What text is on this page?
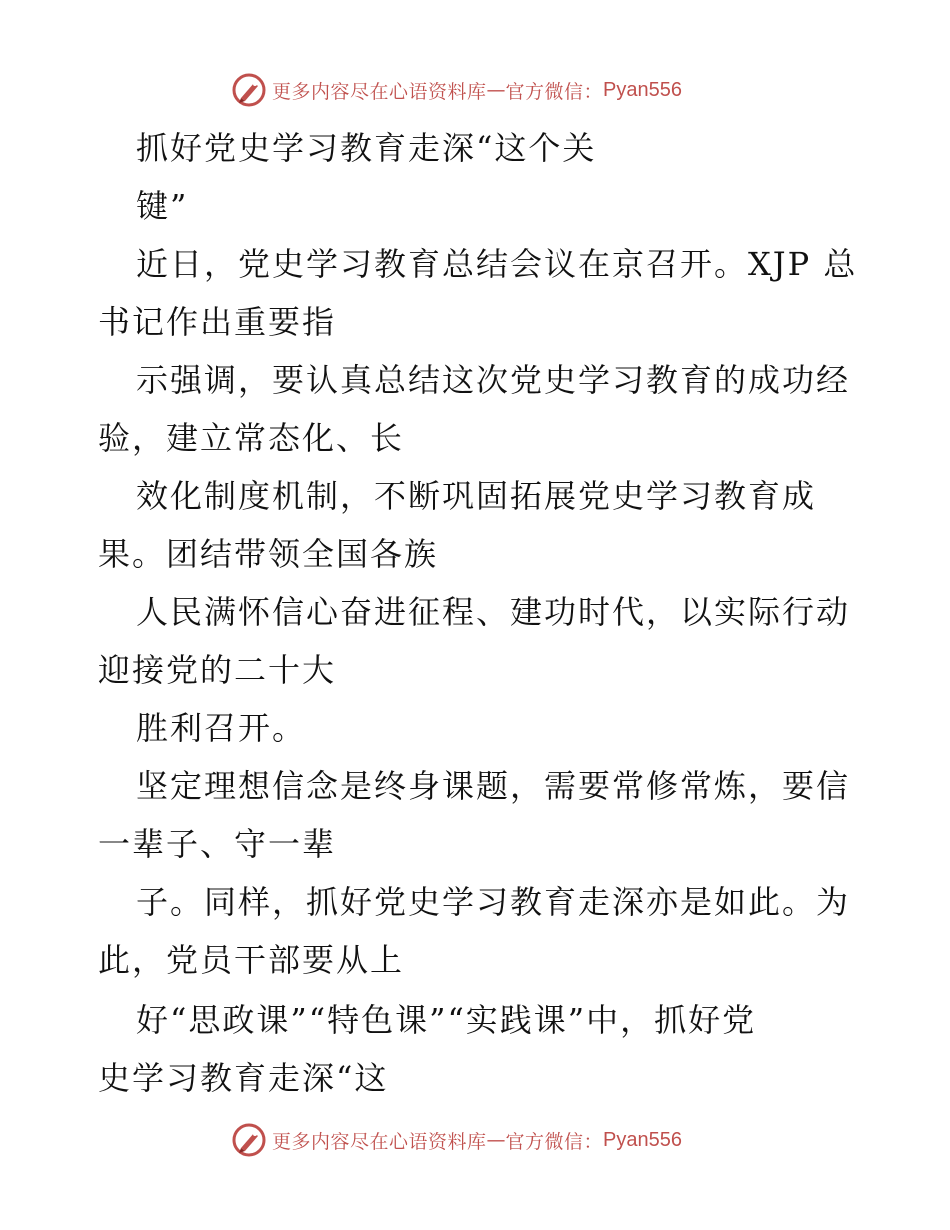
更多内容尽在心语资料库 — 官方微信： Pyan556
抓好党史学习教育走深“这个关
键”
近日，党史学习教育总结会议在京召开。XJP 总
书记作出重要指
示强调，要认真总结这次党史学习教育的成功经
验，建立常态化、长
效化制度机制，不断巩固拓展党史学习教育成
果。团结带领全国各族
人民满怀信心奋进征程、建功时代，以实际行动
迎接党的二十大
胜利召开。
坚定理想信念是终身课题，需要常修常炼，要信
一辈子、守一辈
子。同样，抓好党史学习教育走深亦是如此。为
此，党员干部要从上
好“思政课”“特色课”“实践课”中，抓好党
史学习教育走深“这
更多内容尽在心语资料库 — 官方微信： Pyan556
